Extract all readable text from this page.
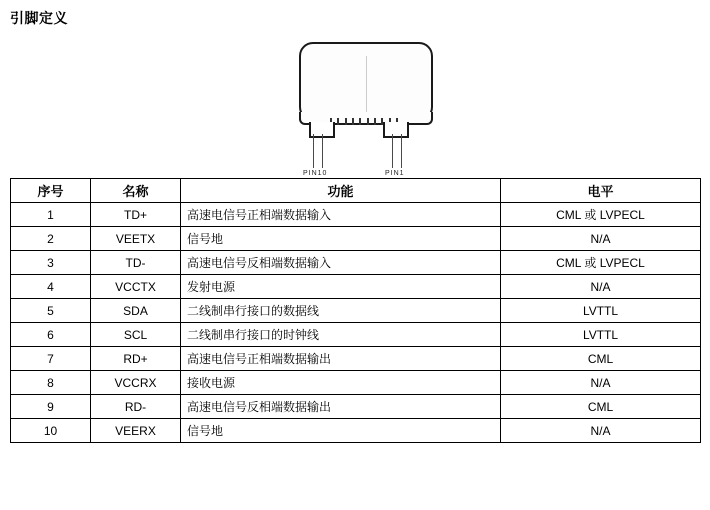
引脚定义
PIN10	PIN1
序号	名称	功能	电平
1	TD+	高速电信号正相端数据输入	CML 或 LVPECL
2	VEETX	信号地	N/A
3	TD-	高速电信号反相端数据输入	CML 或 LVPECL
4	VCCTX	发射电源	N/A
5	SDA	二线制串行接口的数据线	LVTTL
6	SCL	二线制串行接口的时钟线	LVTTL
7	RD+	高速电信号正相端数据输出	CML
8	VCCRX	接收电源	N/A
9	RD-	高速电信号反相端数据输出	CML
10	VEERX	信号地	N/A
